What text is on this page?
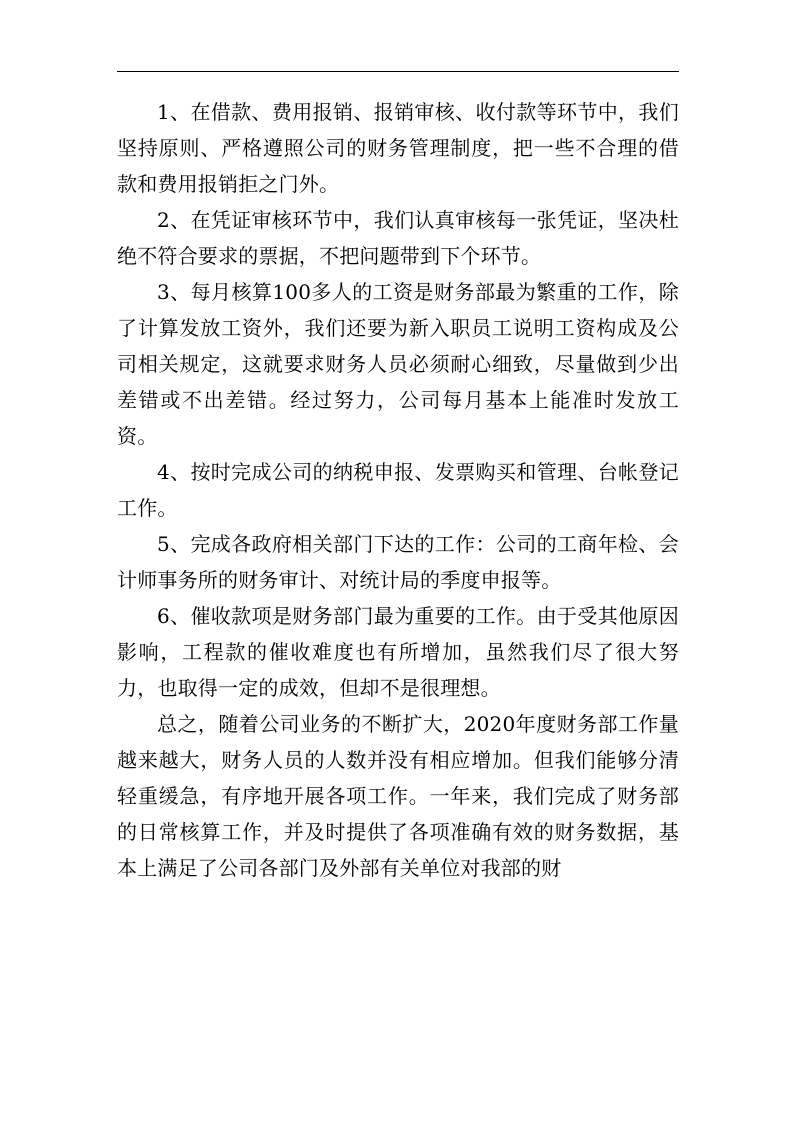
1、在借款、费用报销、报销审核、收付款等环节中，我们坚持原则、严格遵照公司的财务管理制度，把一些不合理的借款和费用报销拒之门外。

2、在凭证审核环节中，我们认真审核每一张凭证，坚决杜绝不符合要求的票据，不把问题带到下个环节。

3、每月核算100多人的工资是财务部最为繁重的工作，除了计算发放工资外，我们还要为新入职员工说明工资构成及公司相关规定，这就要求财务人员必须耐心细致，尽量做到少出差错或不出差错。经过努力，公司每月基本上能准时发放工资。

4、按时完成公司的纳税申报、发票购买和管理、台帐登记工作。

5、完成各政府相关部门下达的工作：公司的工商年检、会计师事务所的财务审计、对统计局的季度申报等。

6、催收款项是财务部门最为重要的工作。由于受其他原因影响，工程款的催收难度也有所增加，虽然我们尽了很大努力，也取得一定的成效，但却不是很理想。

总之，随着公司业务的不断扩大，2020年度财务部工作量越来越大，财务人员的人数并没有相应增加。但我们能够分清轻重缓急，有序地开展各项工作。一年来，我们完成了财务部的日常核算工作，并及时提供了各项准确有效的财务数据，基本上满足了公司各部门及外部有关单位对我部的财
